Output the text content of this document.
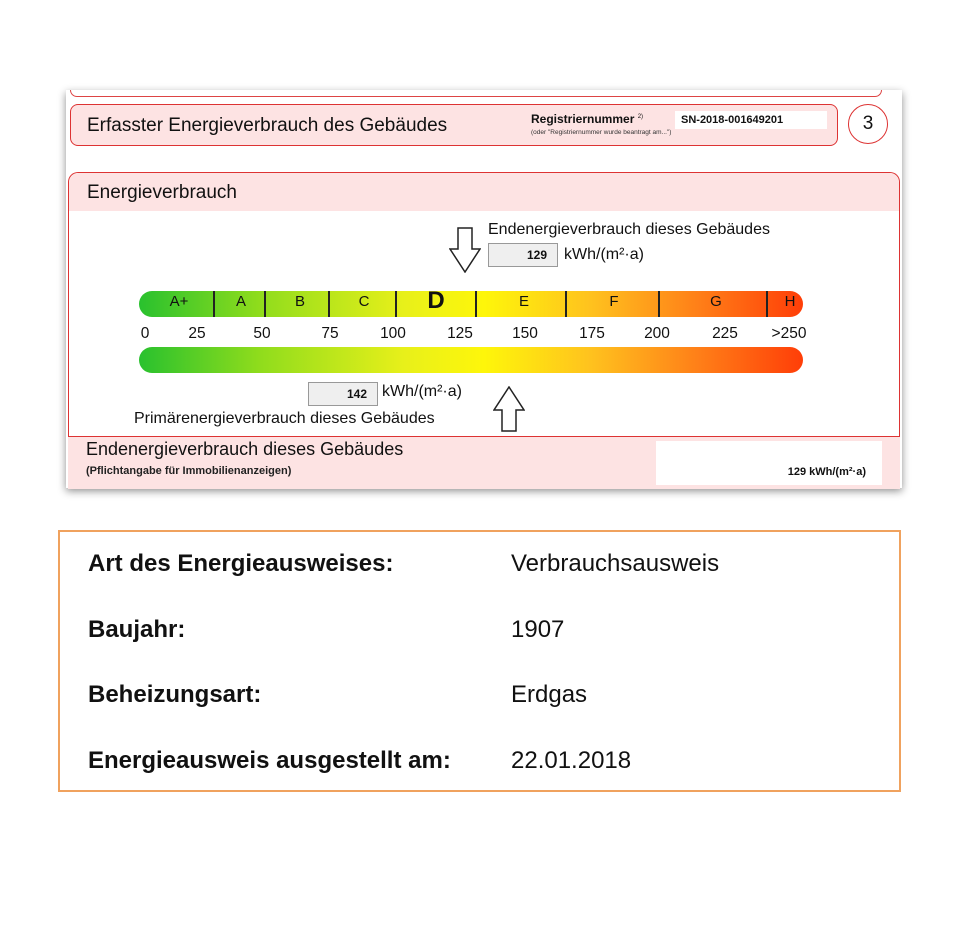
Erfasster Energieverbrauch des Gebäudes	Registriernummer $^{2)}$
(oder "Registriernummer wurde beantragt am...")
SN-2018-001649201	3
Energieverbrauch
Endenergieverbrauch dieses Gebäudes
129	kWh/(m²·a)
A+	A	B	C D	E	F	G	H
0	25	50	75	100	125	150	175	200	225 >250
142 kWh/(m²·a)
Primärenergieverbrauch dieses Gebäudes
Endenergieverbrauch dieses Gebäudes
(Pflichtangabe für Immobilienanzeigen)	129 kWh/(m²·a)
Art des Energieausweises:	Verbrauchsausweis
Baujahr:	1907
Beheizungsart:	Erdgas
Energieausweis ausgestellt am:	22.01.2018
